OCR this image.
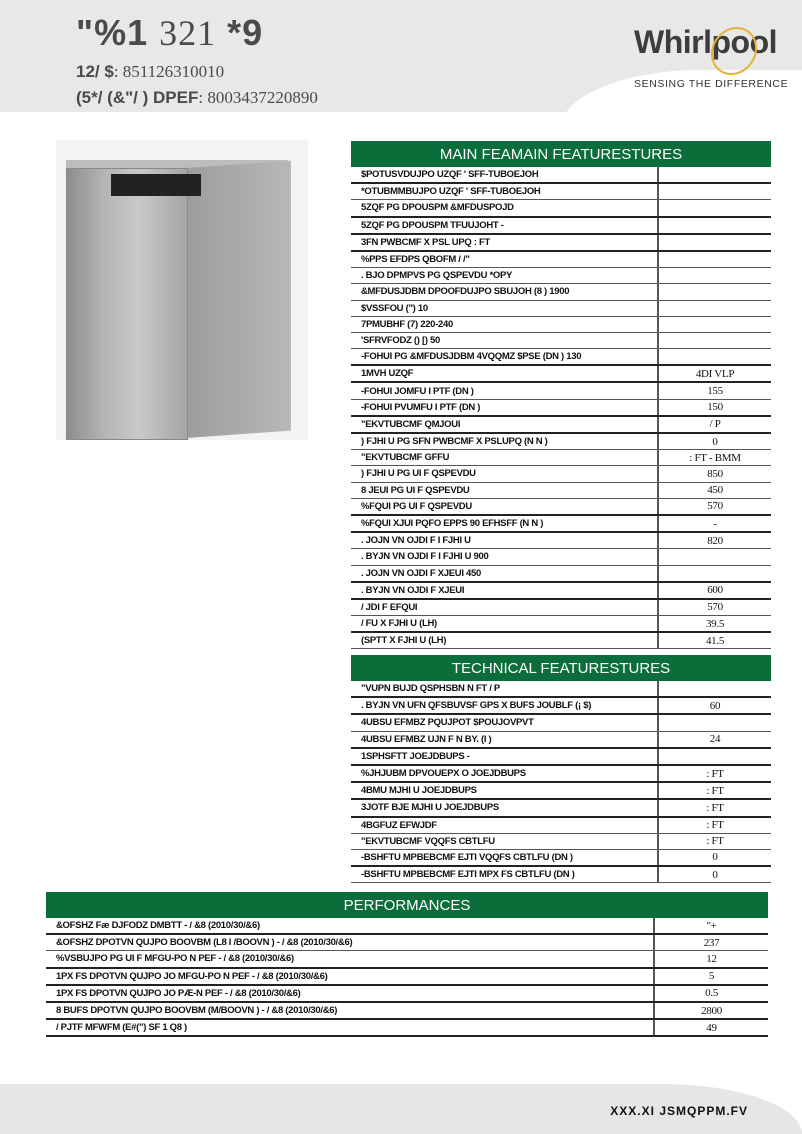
"%1 321 *9
12/ $: 851126310010
(5*/ (&"/ ) DPEF: 8003437220890
Whirlpool
SENSING THE DIFFERENCE
MAIN FEAMAIN FEATURESTURES
$POTUSVDUJPO UZQF ' SFF-TUBOEJOH	
*OTUBMMBUJPO UZQF ' SFF-TUBOEJOH	
5ZQF PG DPOUSPM &MFDUSPOJD	
5ZQF PG DPOUSPM TFUUJOHT -	
3FN PWBCMF X PSL UPQ : FT	
%PPS EFDPS QBOFM / /"	
. BJO DPMPVS PG QSPEVDU *OPY	
&MFDUSJDBM DPOOFDUJPO SBUJOH (8 ) 1900	
$VSSFOU (") 10	
7PMUBHF (7) 220-240	
'SFRVFODZ () [) 50	
-FOHUI PG &MFDUSJDBM 4VQQMZ $PSE (DN ) 130	
1MVH UZQF	4DI VLP
-FOHUI JOMFU I PTF (DN )	155
-FOHUI PVUMFU I PTF (DN )	150
"EKVTUBCMF QMJOUI	/ P
) FJHI U PG SFN PWBCMF X PSLUPQ (N N )	0
"EKVTUBCMF GFFU	: FT - BMM
) FJHI U PG UI F QSPEVDU	850
8 JEUI PG UI F QSPEVDU	450
%FQUI PG UI F QSPEVDU	570
%FQUI XJUI PQFO EPPS 90 EFHSFF (N N )	-
. JOJN VN OJDI F I FJHI U	820
. BYJN VN OJDI F I FJHI U 900	
. JOJN VN OJDI F XJEUI 450	
. BYJN VN OJDI F XJEUI	600
/ JDI F EFQUI	570
/ FU X FJHI U (LH)	39.5
(SPTT X FJHI U (LH)	41.5
TECHNICAL FEATURESTURES
"VUPN BUJD QSPHSBN N FT / P	
. BYJN VN UFN QFSBUVSF GPS X BUFS JOUBLF (¡ $)	60
4UBSU EFMBZ PQUJPOT $POUJOVPVT	
4UBSU EFMBZ UJN F N BY. (I )	24
1SPHSFTT JOEJDBUPS -	
%JHJUBM DPVOUEPX O JOEJDBUPS	: FT
4BMU MJHI U JOEJDBUPS	: FT
3JOTF BJE MJHI U JOEJDBUPS	: FT
4BGFUZ EFWJDF	: FT
"EKVTUBCMF VQQFS CBTLFU	: FT
-BSHFTU MPBEBCMF EJTI VQQFS CBTLFU (DN )	0
-BSHFTU MPBEBCMF EJTI MPX FS CBTLFU (DN )	0
PERFORMANCES
&OFSHZ Fæ DJFODZ DMBTT - / &8 (2010/30/&6)	"+
&OFSHZ DPOTVN QUJPO BOOVBM (L8 I /BOOVN ) - / &8 (2010/30/&6)	237
%VSBUJPO PG UI F MFGU-PO N PEF - / &8 (2010/30/&6)	12
1PX FS DPOTVN QUJPO JO MFGU-PO N PEF - / &8 (2010/30/&6)	5
1PX FS DPOTVN QUJPO JO PÆ-N PEF - / &8 (2010/30/&6)	0.5
8 BUFS DPOTVN QUJPO BOOVBM (M/BOOVN ) - / &8 (2010/30/&6)	2800
/ PJTF MFWFM (E#(") SF 1 Q8 )	49
XXX.XI JSMQPPM.FV
